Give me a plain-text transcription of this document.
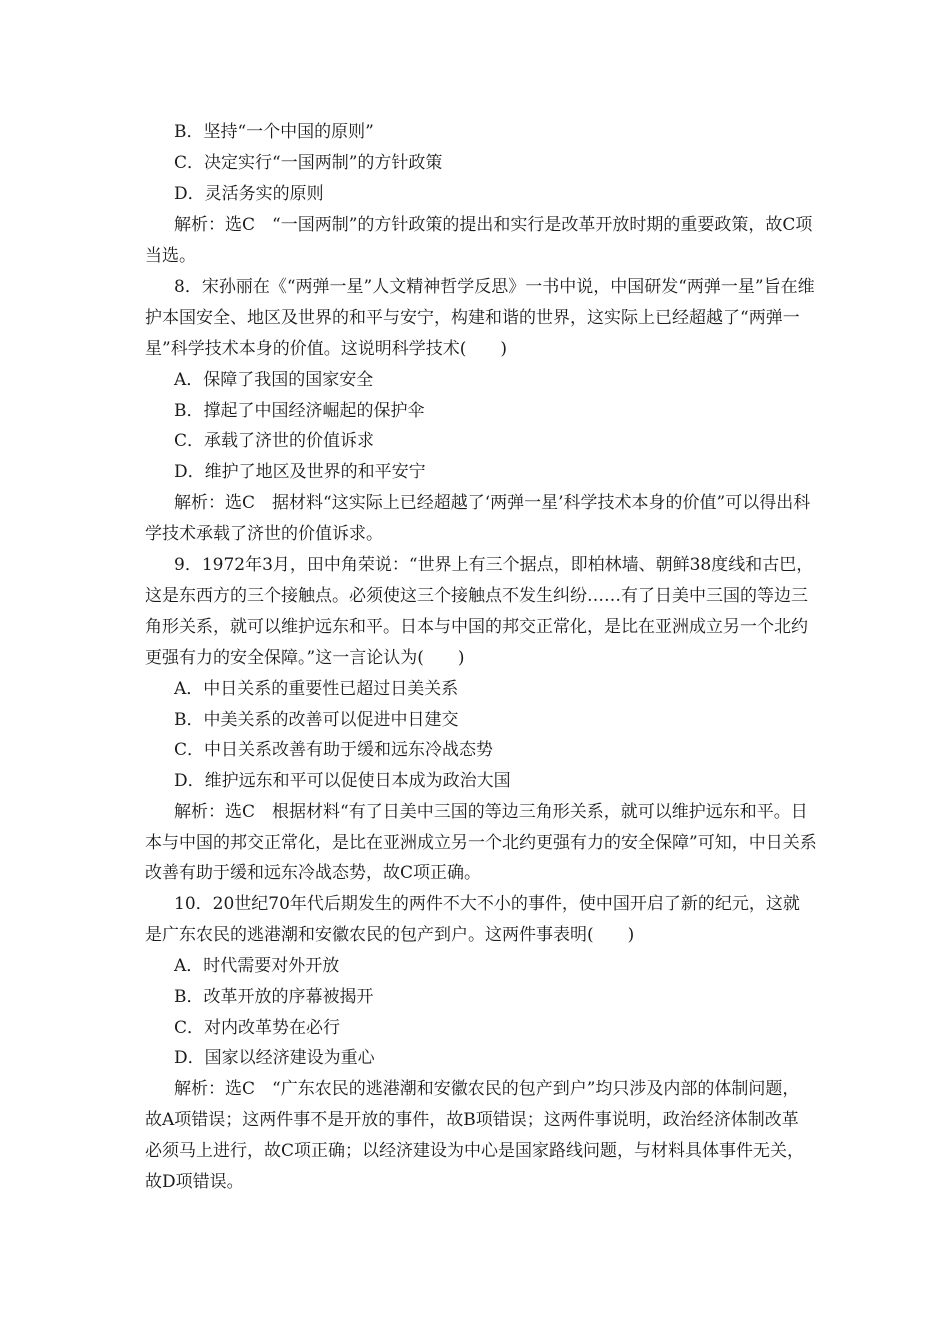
B．坚持“一个中国的原则”
C．决定实行“一国两制”的方针政策
D．灵活务实的原则
解析：选C　“一国两制”的方针政策的提出和实行是改革开放时期的重要政策，故C项
当选。
8．宋孙丽在《“两弹一星”人文精神哲学反思》一书中说，中国研发“两弹一星”旨在维
护本国安全、地区及世界的和平与安宁，构建和谐的世界，这实际上已经超越了“两弹一
星”科学技术本身的价值。这说明科学技术(　　)
A．保障了我国的国家安全
B．撑起了中国经济崛起的保护伞
C．承载了济世的价值诉求
D．维护了地区及世界的和平安宁
解析：选C　据材料“这实际上已经超越了‘两弹一星’科学技术本身的价值”可以得出科
学技术承载了济世的价值诉求。
9．1972年3月，田中角荣说：“世界上有三个据点，即柏林墙、朝鲜38度线和古巴，
这是东西方的三个接触点。必须使这三个接触点不发生纠纷……有了日美中三国的等边三
角形关系，就可以维护远东和平。日本与中国的邦交正常化，是比在亚洲成立另一个北约
更强有力的安全保障。”这一言论认为(　　)
A．中日关系的重要性已超过日美关系
B．中美关系的改善可以促进中日建交
C．中日关系改善有助于缓和远东冷战态势
D．维护远东和平可以促使日本成为政治大国
解析：选C　根据材料“有了日美中三国的等边三角形关系，就可以维护远东和平。日
本与中国的邦交正常化，是比在亚洲成立另一个北约更强有力的安全保障”可知，中日关系
改善有助于缓和远东冷战态势，故C项正确。
10．20世纪70年代后期发生的两件不大不小的事件，使中国开启了新的纪元，这就
是广东农民的逃港潮和安徽农民的包产到户。这两件事表明(　　)
A．时代需要对外开放
B．改革开放的序幕被揭开
C．对内改革势在必行
D．国家以经济建设为重心
解析：选C　“广东农民的逃港潮和安徽农民的包产到户”均只涉及内部的体制问题，
故A项错误；这两件事不是开放的事件，故B项错误；这两件事说明，政治经济体制改革
必须马上进行，故C项正确；以经济建设为中心是国家路线问题，与材料具体事件无关，
故D项错误。
